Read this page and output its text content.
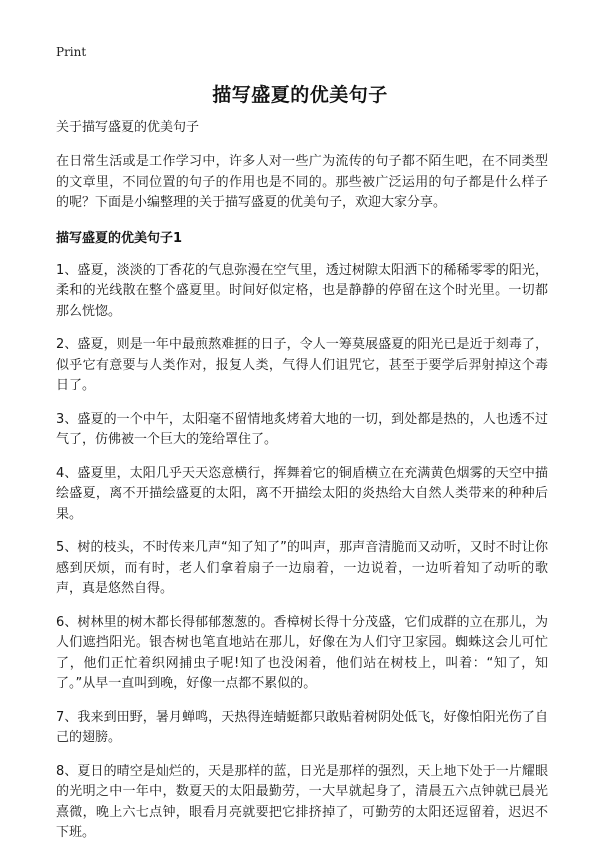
Print
描写盛夏的优美句子
关于描写盛夏的优美句子
在日常生活或是工作学习中，许多人对一些广为流传的句子都不陌生吧，在不同类型的文章里，不同位置的句子的作用也是不同的。那些被广泛运用的句子都是什么样子的呢？下面是小编整理的关于描写盛夏的优美句子，欢迎大家分享。
描写盛夏的优美句子1
1、盛夏，淡淡的丁香花的气息弥漫在空气里，透过树隙太阳洒下的稀稀零零的阳光，柔和的光线散在整个盛夏里。时间好似定格，也是静静的停留在这个时光里。一切都那么恍惚。
2、盛夏，则是一年中最煎熬难捱的日子，令人一筹莫展盛夏的阳光已是近于刻毒了，似乎它有意要与人类作对，报复人类，气得人们诅咒它，甚至于要学后羿射掉这个毒日了。
3、盛夏的一个中午，太阳毫不留情地炙烤着大地的一切，到处都是热的，人也透不过气了，仿佛被一个巨大的笼给罩住了。
4、盛夏里，太阳几乎天天恣意横行，挥舞着它的铜盾横立在充满黄色烟雾的天空中描绘盛夏，离不开描绘盛夏的太阳，离不开描绘太阳的炎热给大自然人类带来的种种后果。
5、树的枝头，不时传来几声“知了知了”的叫声，那声音清脆而又动听，又时不时让你感到厌烦，而有时，老人们拿着扇子一边扇着，一边说着，一边听着知了动听的歌声，真是悠然自得。
6、树林里的树木都长得郁郁葱葱的。香樟树长得十分茂盛，它们成群的立在那儿，为人们遮挡阳光。银杏树也笔直地站在那儿，好像在为人们守卫家园。蜘蛛这会儿可忙了，他们正忙着织网捕虫子呢!知了也没闲着，他们站在树枝上，叫着：“知了，知了。”从早一直叫到晚，好像一点都不累似的。
7、我来到田野，暑月蝉鸣，天热得连蜻蜓都只敢贴着树阴处低飞，好像怕阳光伤了自己的翅膀。
8、夏日的晴空是灿烂的，天是那样的蓝，日光是那样的强烈，天上地下处于一片耀眼的光明之中一年中，数夏天的太阳最勤劳，一大早就起身了，清晨五六点钟就已晨光熹微，晚上六七点钟，眼看月亮就要把它排挤掉了，可勤劳的太阳还逗留着，迟迟不下班。
